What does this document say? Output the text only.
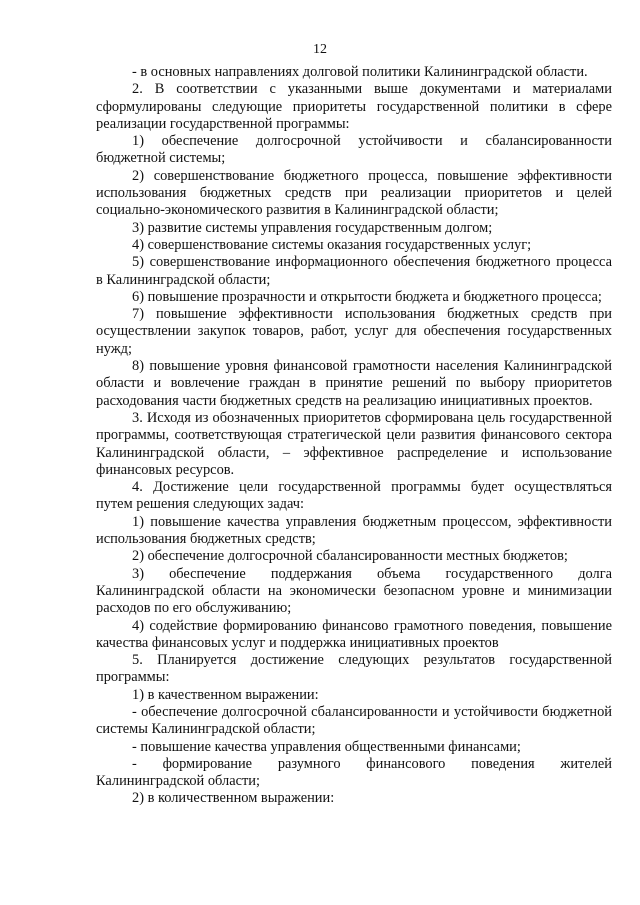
12

- в основных направлениях долговой политики Калининградской области.

2. В соответствии с указанными выше документами и материалами сформулированы следующие приоритеты государственной политики в сфере реализации государственной программы:

1) обеспечение долгосрочной устойчивости и сбалансированности бюджетной системы;

2) совершенствование бюджетного процесса, повышение эффективности использования бюджетных средств при реализации приоритетов и целей социально-экономического развития в Калининградской области;

3) развитие системы управления государственным долгом;

4) совершенствование системы оказания государственных услуг;

5) совершенствование информационного обеспечения бюджетного процесса в Калининградской области;

6) повышение прозрачности и открытости бюджета и бюджетного процесса;

7) повышение эффективности использования бюджетных средств при осуществлении закупок товаров, работ, услуг для обеспечения государственных нужд;

8) повышение уровня финансовой грамотности населения Калининградской области и вовлечение граждан в принятие решений по выбору приоритетов расходования части бюджетных средств на реализацию инициативных проектов.

3. Исходя из обозначенных приоритетов сформирована цель государственной программы, соответствующая стратегической цели развития финансового сектора Калининградской области, – эффективное распределение и использование финансовых ресурсов.

4. Достижение цели государственной программы будет осуществляться путем решения следующих задач:

1) повышение качества управления бюджетным процессом, эффективности использования бюджетных средств;

2) обеспечение долгосрочной сбалансированности местных бюджетов;

3) обеспечение поддержания объема государственного долга Калининградской области на экономически безопасном уровне и минимизации расходов по его обслуживанию;

4) содействие формированию финансово грамотного поведения, повышение качества финансовых услуг и поддержка инициативных проектов

5. Планируется достижение следующих результатов государственной программы:

1) в качественном выражении:

- обеспечение долгосрочной сбалансированности и устойчивости бюджетной системы Калининградской области;

- повышение качества управления общественными финансами;

- формирование разумного финансового поведения жителей Калининградской области;

2) в количественном выражении:
